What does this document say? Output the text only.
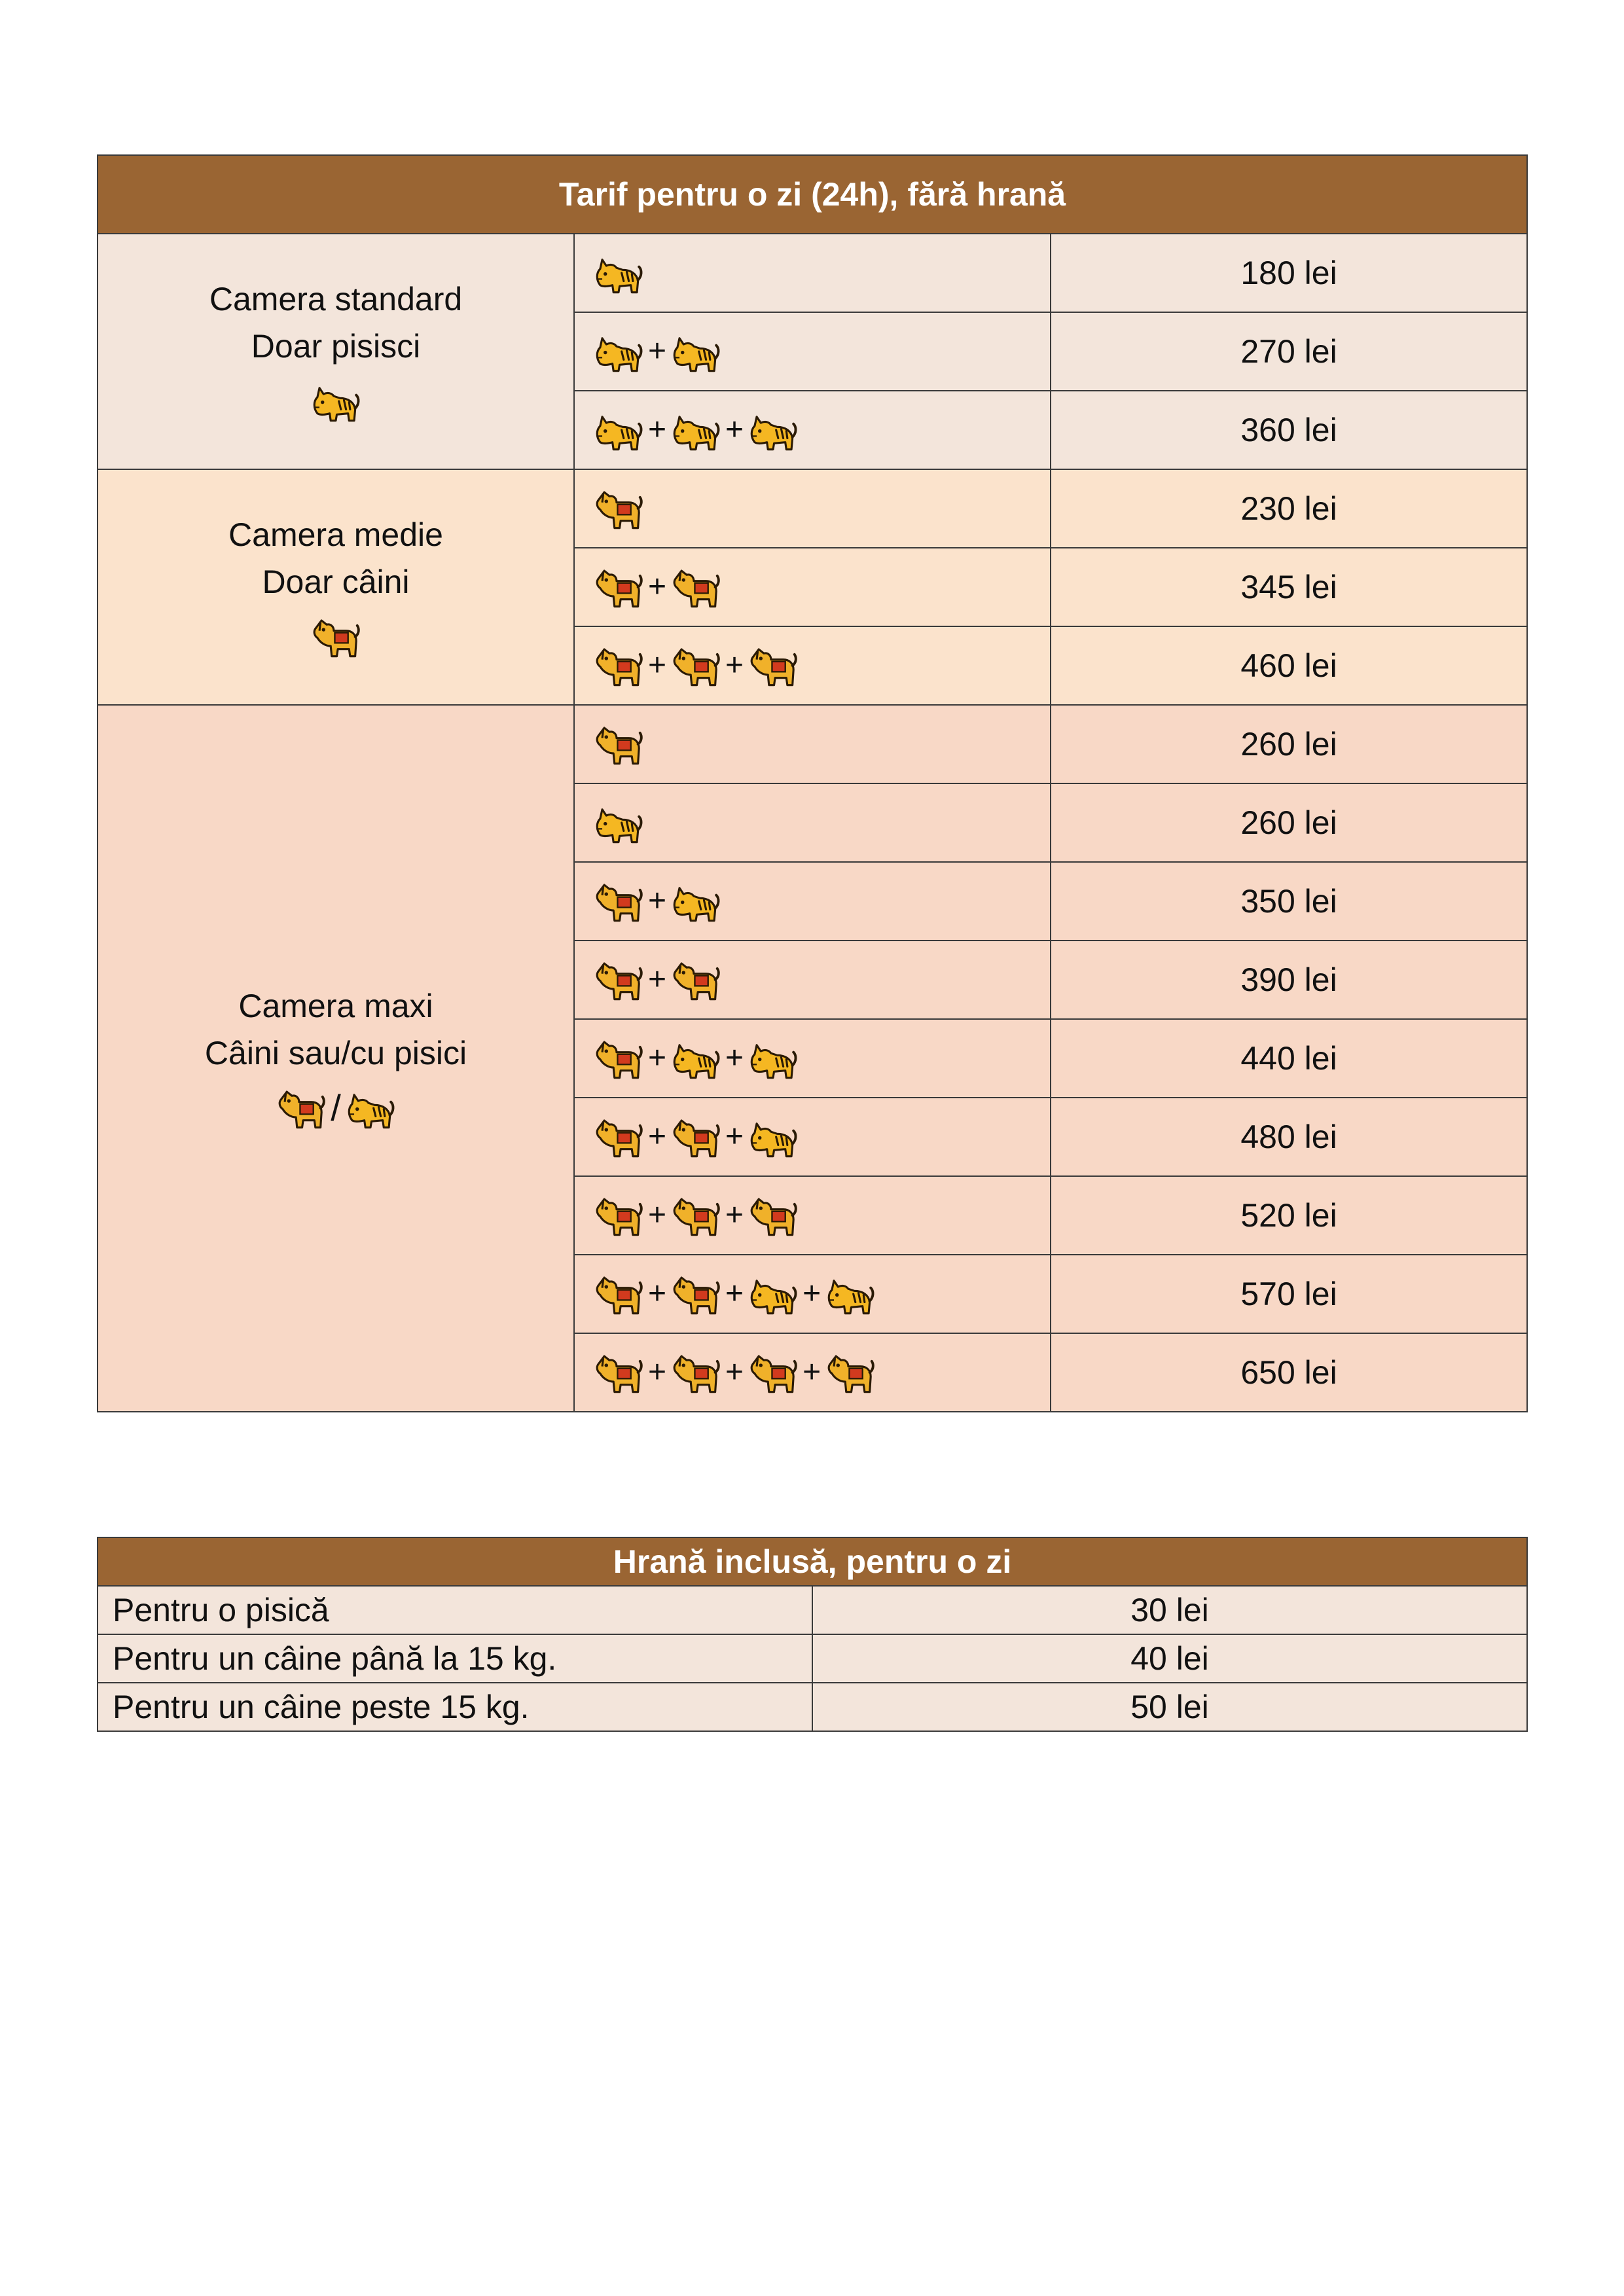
Tarif pentru o zi (24h), fără hrană		

Camera standard
Doar pisisci		180 lei

	+	270 lei

	+ +	360 lei

Camera medie
Doar câini		230 lei

	+	345 lei

	+ +	460 lei

Camera maxi
Câini sau/cu pisici
/		260 lei

	260 lei

	+	350 lei

	+	390 lei

	+ +	440 lei

	+ +	480 lei

	+ +	520 lei

	+ + +	570 lei

	+ + +	650 lei
Hrană inclusă, pentru o zi	
Pentru o pisică	30 lei
Pentru un câine până la 15 kg.	40 lei
Pentru un câine peste 15 kg.	50 lei
